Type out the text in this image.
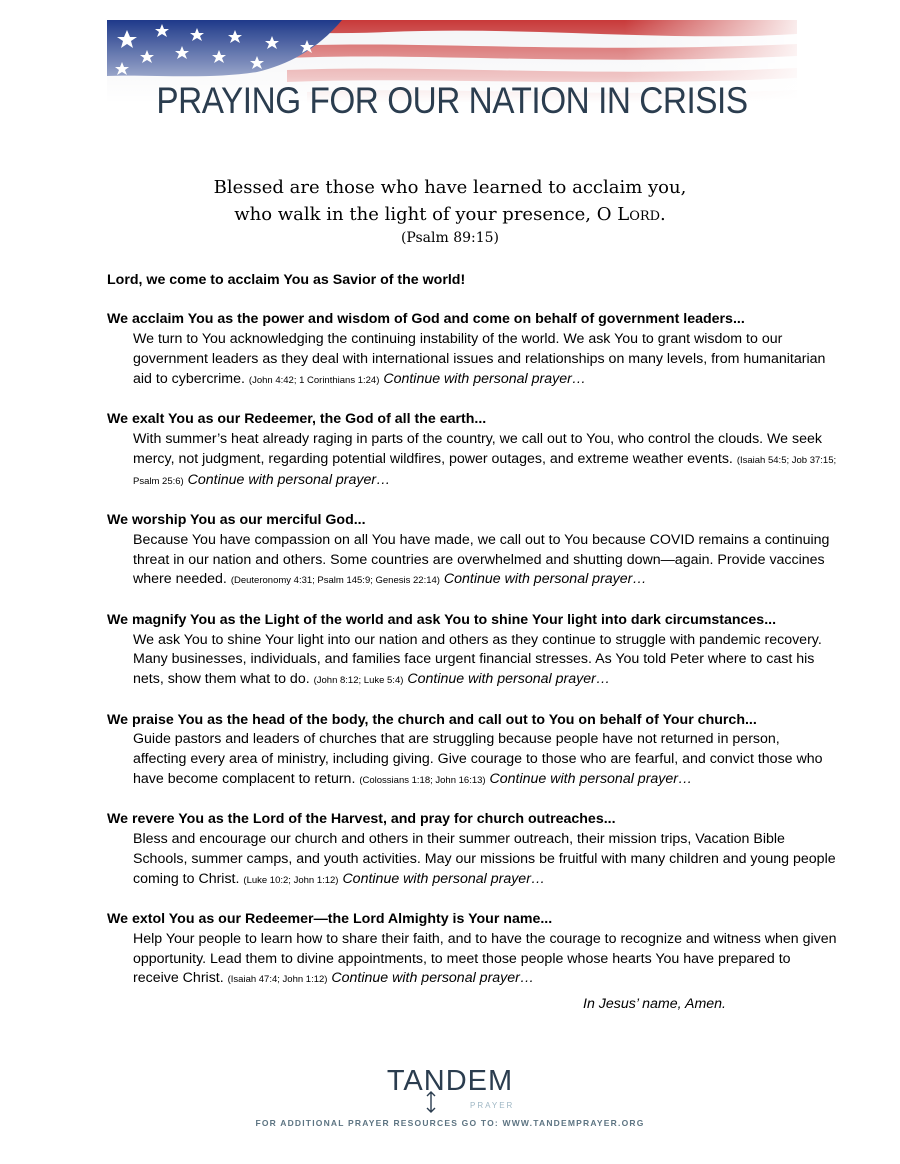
PRAYING FOR OUR NATION IN CRISIS
Blessed are those who have learned to acclaim you,
who walk in the light of your presence, O Lord.
(Psalm 89:15)
Lord, we come to acclaim You as Savior of the world!
We acclaim You as the power and wisdom of God and come on behalf of government leaders...
We turn to You acknowledging the continuing instability of the world. We ask You to grant wisdom to our government leaders as they deal with international issues and relationships on many levels, from humanitarian aid to cybercrime. (John 4:42; 1 Corinthians 1:24) Continue with personal prayer…
We exalt You as our Redeemer, the God of all the earth...
With summer’s heat already raging in parts of the country, we call out to You, who control the clouds. We seek mercy, not judgment, regarding potential wildfires, power outages, and extreme weather events. (Isaiah 54:5; Job 37:15; Psalm 25:6) Continue with personal prayer…
We worship You as our merciful God...
Because You have compassion on all You have made, we call out to You because COVID remains a continuing threat in our nation and others. Some countries are overwhelmed and shutting down—again. Provide vaccines where needed. (Deuteronomy 4:31; Psalm 145:9; Genesis 22:14) Continue with personal prayer…
We magnify You as the Light of the world and ask You to shine Your light into dark circumstances...
We ask You to shine Your light into our nation and others as they continue to struggle with pandemic recovery. Many businesses, individuals, and families face urgent financial stresses. As You told Peter where to cast his nets, show them what to do. (John 8:12; Luke 5:4) Continue with personal prayer…
We praise You as the head of the body, the church and call out to You on behalf of Your church...
Guide pastors and leaders of churches that are struggling because people have not returned in person, affecting every area of ministry, including giving. Give courage to those who are fearful, and convict those who have become complacent to return. (Colossians 1:18; John 16:13) Continue with personal prayer…
We revere You as the Lord of the Harvest, and pray for church outreaches...
Bless and encourage our church and others in their summer outreach, their mission trips, Vacation Bible Schools, summer camps, and youth activities. May our missions be fruitful with many children and young people coming to Christ. (Luke 10:2; John 1:12) Continue with personal prayer…
We extol You as our Redeemer—the Lord Almighty is Your name...
Help Your people to learn how to share their faith, and to have the courage to recognize and witness when given opportunity. Lead them to divine appointments, to meet those people whose hearts You have prepared to receive Christ. (Isaiah 47:4; John 1:12) Continue with personal prayer…
In Jesus’ name, Amen.
TANDEM
PRAYER
FOR ADDITIONAL PRAYER RESOURCES GO TO: WWW.TANDEMPRAYER.ORG
